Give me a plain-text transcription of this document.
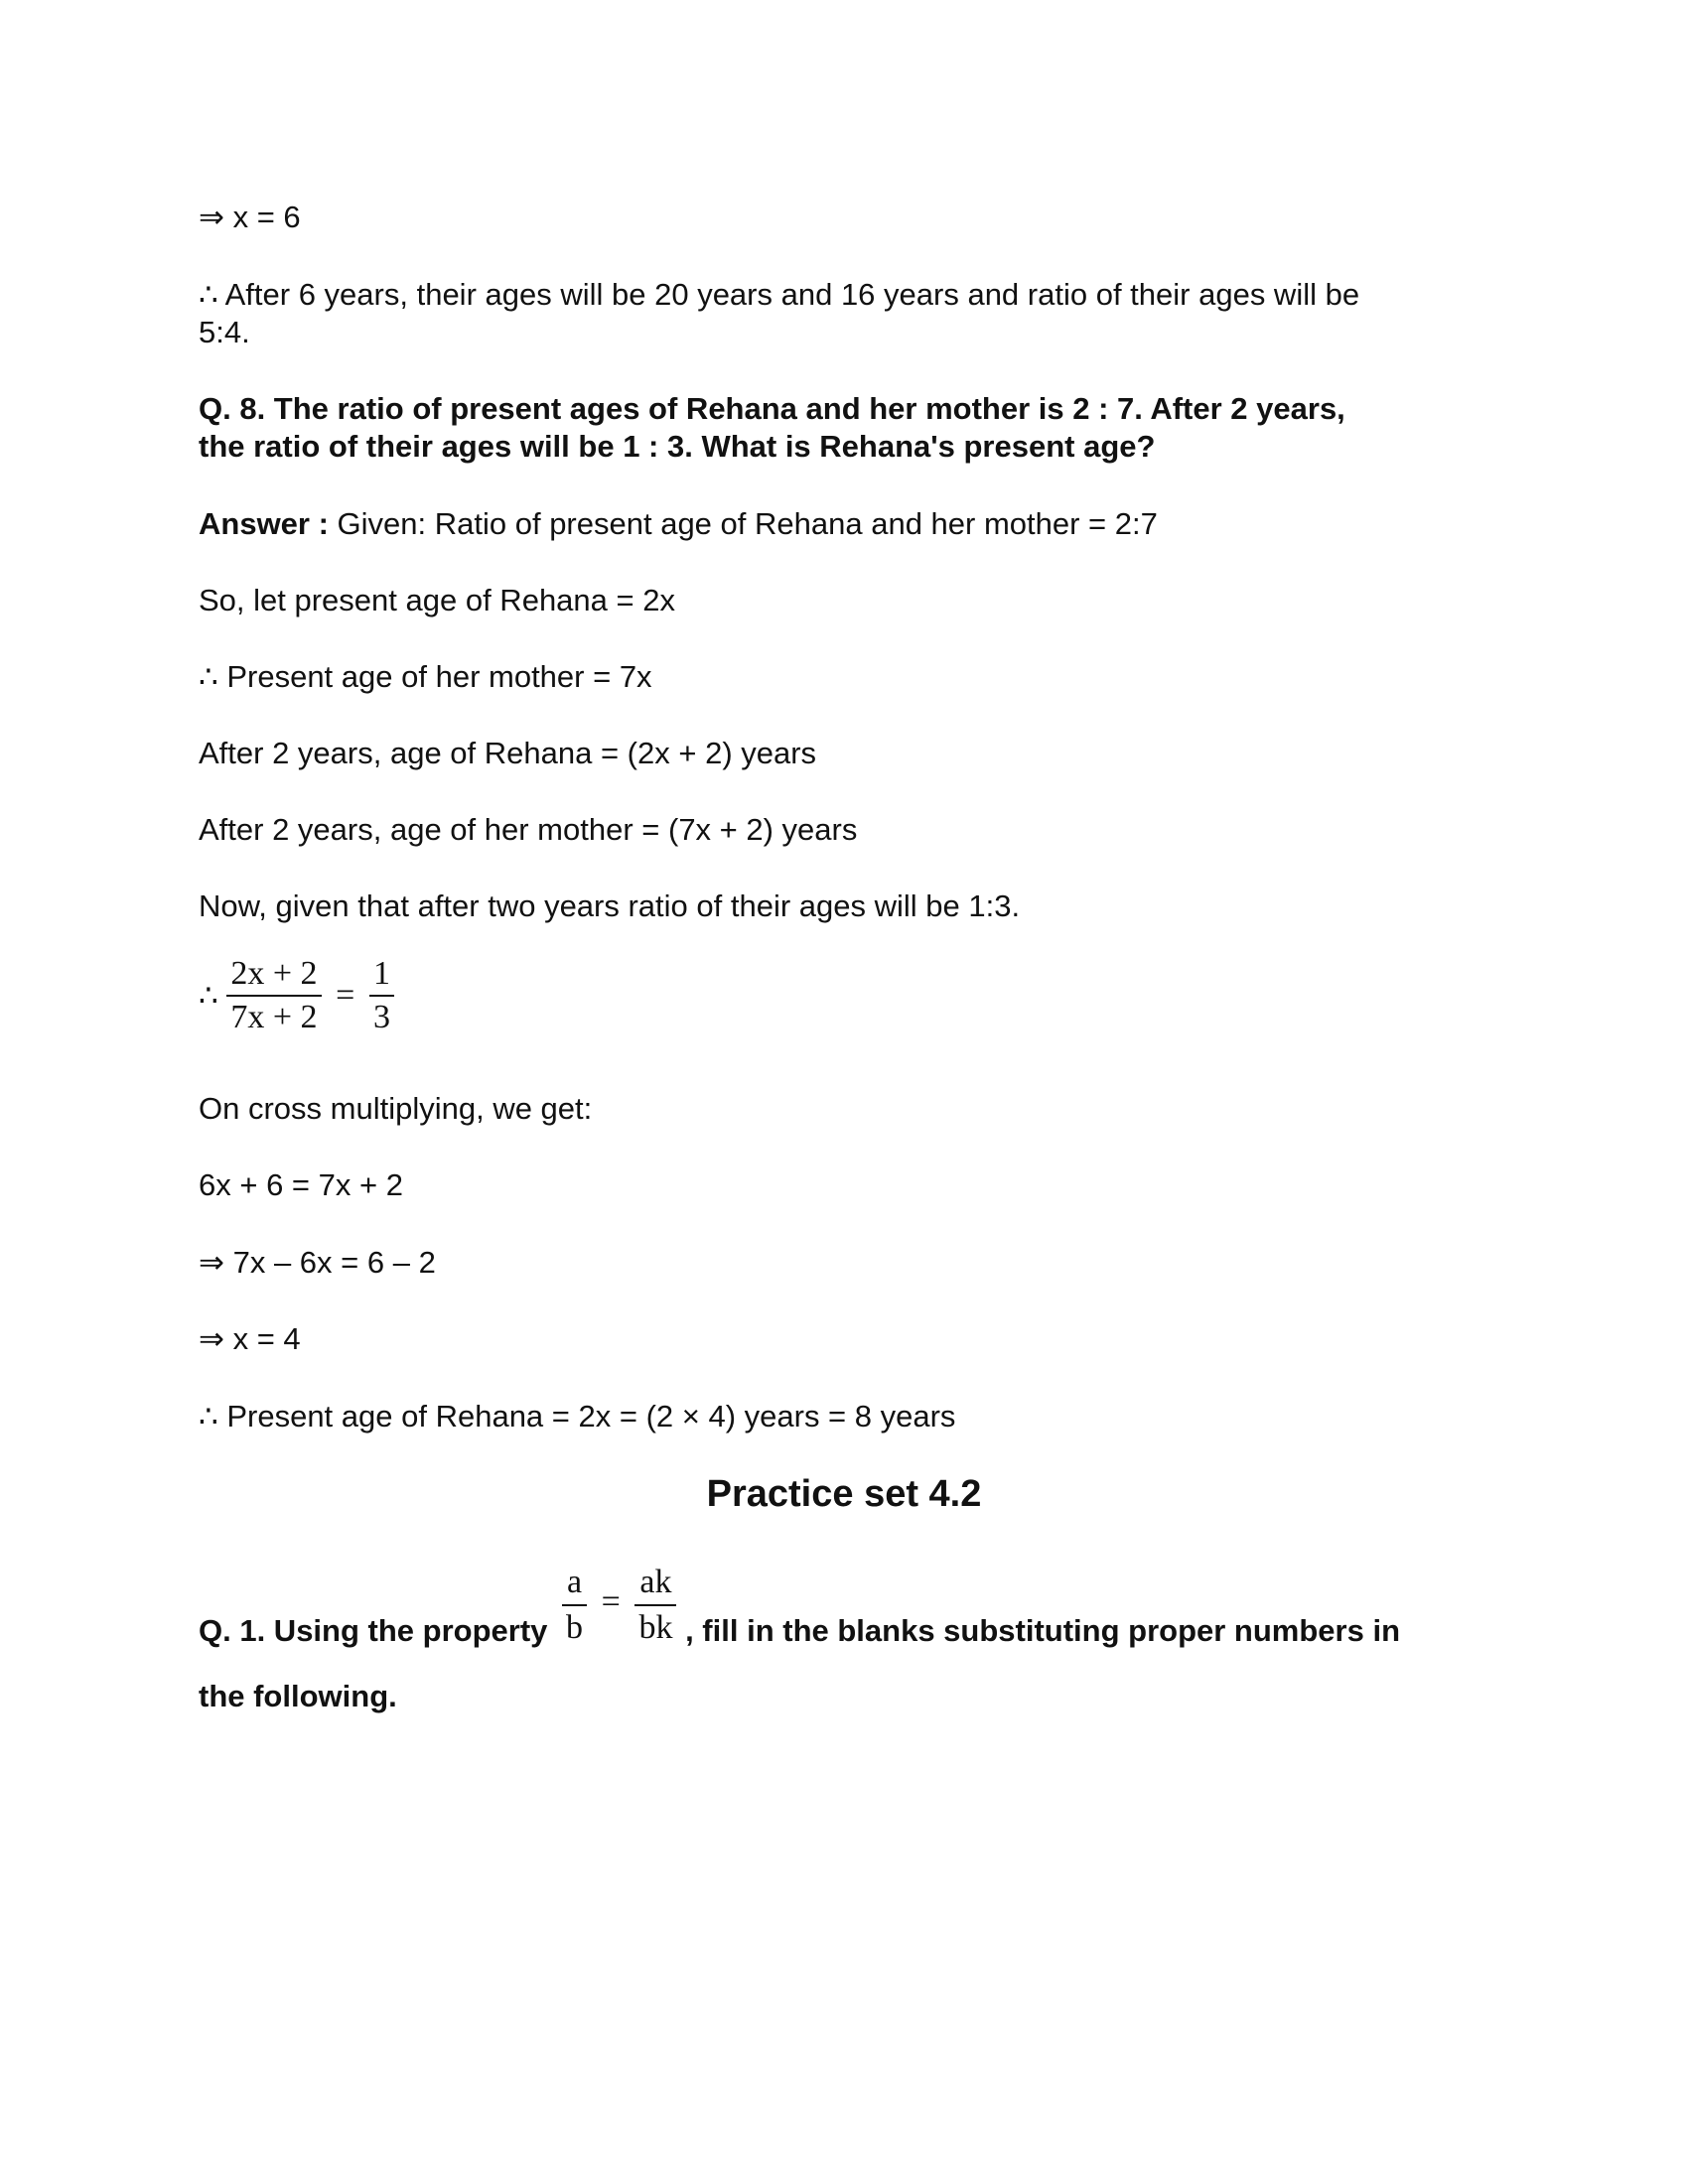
⇒ x = 6
∴ After 6 years, their ages will be 20 years and 16 years and ratio of their ages will be
5:4.
Q. 8. The ratio of present ages of Rehana and her mother is 2 : 7. After 2 years,
the ratio of their ages will be 1 : 3. What is Rehana's present age?
Answer : Given: Ratio of present age of Rehana and her mother = 2:7
So, let present age of Rehana = 2x
∴ Present age of her mother = 7x
After 2 years, age of Rehana = (2x + 2) years
After 2 years, age of her mother = (7x + 2) years
Now, given that after two years ratio of their ages will be 1:3.
∴ $\frac{2x + 2}{7x + 2} = \frac{1}{3}$
On cross multiplying, we get:
6x + 6 = 7x + 2
⇒ 7x – 6x = 6 – 2
⇒ x = 4
∴ Present age of Rehana = 2x = (2 × 4) years = 8 years
Practice set 4.2
Q. 1. Using the property $\frac{a}{b} = \frac{ak}{bk}$ , fill in the blanks substituting proper numbers in
the following.
